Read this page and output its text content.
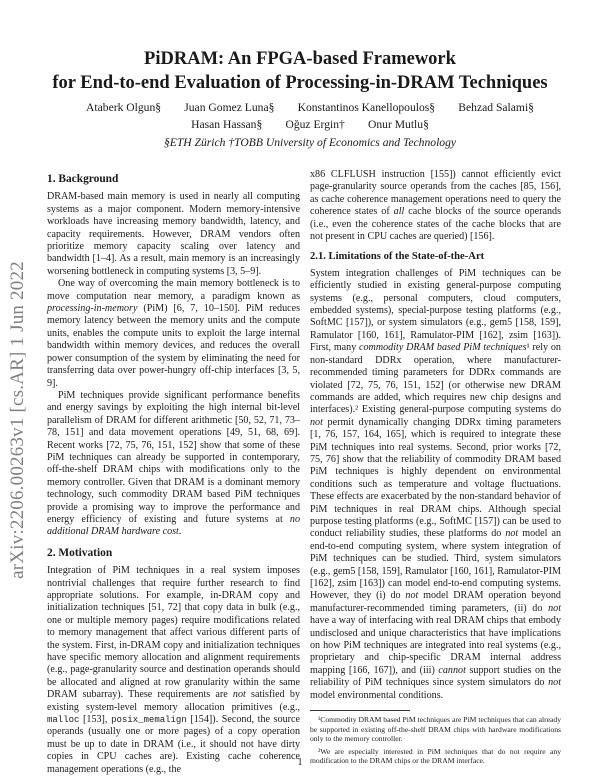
PiDRAM: An FPGA-based Framework
for End-to-end Evaluation of Processing-in-DRAM Techniques
Ataberk Olgun§ Juan Gomez Luna§ Konstantinos Kanellopoulos§ Behzad Salami§
Hasan Hassan§ Oğuz Ergin† Onur Mutlu§
§ETH Zürich †TOBB University of Economics and Technology
arXiv:2206.00263v1 [cs.AR] 1 Jun 2022
1. Background

DRAM-based main memory is used in nearly all computing systems as a major component. Modern memory-intensive workloads have increasing memory bandwidth, latency, and capacity requirements. However, DRAM vendors often prioritize memory capacity scaling over latency and bandwidth [1–4]. As a result, main memory is an increasingly worsening bottleneck in computing systems [3, 5–9].

One way of overcoming the main memory bottleneck is to move computation near memory, a paradigm known as processing-in-memory (PiM) [6, 7, 10–150]. PiM reduces memory latency between the memory units and the compute units, enables the compute units to exploit the large internal bandwidth within memory devices, and reduces the overall power consumption of the system by eliminating the need for transferring data over power-hungry off-chip interfaces [3, 5, 9].

PiM techniques provide significant performance benefits and energy savings by exploiting the high internal bit-level parallelism of DRAM for different arithmetic [50, 52, 71, 73–78, 151] and data movement operations [49, 51, 68, 69]. Recent works [72, 75, 76, 151, 152] show that some of these PiM techniques can already be supported in contemporary, off-the-shelf DRAM chips with modifications only to the memory controller. Given that DRAM is a dominant memory technology, such commodity DRAM based PiM techniques provide a promising way to improve the performance and energy efficiency of existing and future systems at no additional DRAM hardware cost.

2. Motivation

Integration of PiM techniques in a real system imposes nontrivial challenges that require further research to find appropriate solutions. For example, in-DRAM copy and initialization techniques [51, 72] that copy data in bulk (e.g., one or multiple memory pages) require modifications related to memory management that affect various different parts of the system. First, in-DRAM copy and initialization techniques have specific memory allocation and alignment requirements (e.g., page-granularity source and destination operands should be allocated and aligned at row granularity within the same DRAM subarray). These requirements are not satisfied by existing system-level memory allocation primitives (e.g., malloc [153], posix_memalign [154]). Second, the source operands (usually one or more pages) of a copy operation must be up to date in DRAM (i.e., it should not have dirty copies in CPU caches are). Existing cache coherence management operations (e.g., the

x86 CLFLUSH instruction [155]) cannot efficiently evict page-granularity source operands from the caches [85, 156], as cache coherence management operations need to query the coherence states of all cache blocks of the source operands (i.e., even the coherence states of the cache blocks that are not present in CPU caches are queried) [156].

2.1. Limitations of the State-of-the-Art

System integration challenges of PiM techniques can be efficiently studied in existing general-purpose computing systems (e.g., personal computers, cloud computers, embedded systems), special-purpose testing platforms (e.g., SoftMC [157]), or system simulators (e.g., gem5 [158, 159], Ramulator [160, 161], Ramulator-PIM [162], zsim [163]). First, many commodity DRAM based PiM techniques¹ rely on non-standard DDRx operation, where manufacturer-recommended timing parameters for DDRx commands are violated [72, 75, 76, 151, 152] (or otherwise new DRAM commands are added, which requires new chip designs and interfaces).² Existing general-purpose computing systems do not permit dynamically changing DDRx timing parameters [1, 76, 157, 164, 165], which is required to integrate these PiM techniques into real systems. Second, prior works [72, 75, 76] show that the reliability of commodity DRAM based PiM techniques is highly dependent on environmental conditions such as temperature and voltage fluctuations. These effects are exacerbated by the non-standard behavior of PiM techniques in real DRAM chips. Although special purpose testing platforms (e.g., SoftMC [157]) can be used to conduct reliability studies, these platforms do not model an end-to-end computing system, where system integration of PiM techniques can be studied. Third, system simulators (e.g., gem5 [158, 159], Ramulator [160, 161], Ramulator-PIM [162], zsim [163]) can model end-to-end computing systems. However, they (i) do not model DRAM operation beyond manufacturer-recommended timing parameters, (ii) do not have a way of interfacing with real DRAM chips that embody undisclosed and unique characteristics that have implications on how PiM techniques are integrated into real systems (e.g., proprietary and chip-specific DRAM internal address mapping [166, 167]), and (iii) cannot support studies on the reliability of PiM techniques since system simulators do not model environmental conditions.

¹Commodity DRAM based PiM techniques are PiM techniques that can already be supported in existing off-the-shelf DRAM chips with hardware modifications only to the memory controller.

²We are especially interested in PiM techniques that do not require any modification to the DRAM chips or the DRAM interface.

1
